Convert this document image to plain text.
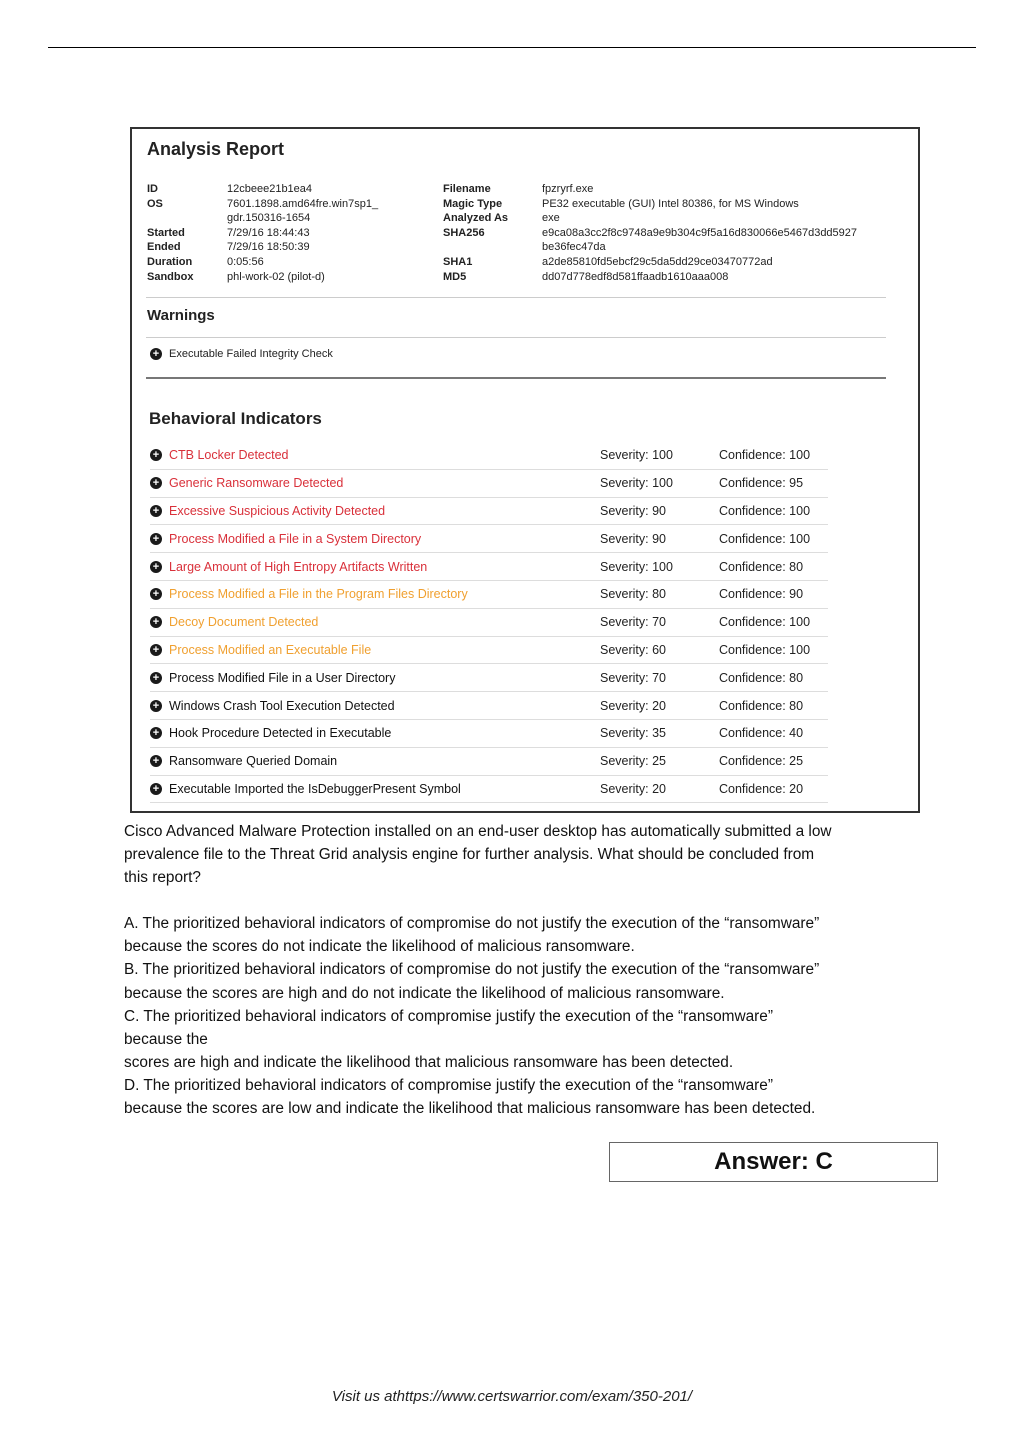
Analysis Report
ID	12cbeee21b1ea4
OS	7601.1898.amd64fre.win7sp1_
gdr.150316-1654
Started	7/29/16 18:44:43
Ended	7/29/16 18:50:39
Duration	0:05:56
Sandbox	phl-work-02 (pilot-d)
Filename	fpzryrf.exe
Magic Type	PE32 executable (GUI) Intel 80386, for MS Windows
Analyzed As	exe
SHA256	e9ca08a3cc2f8c9748a9e9b304c9f5a16d830066e5467d3dd5927
be36fec47da
SHA1	a2de85810fd5ebcf29c5da5dd29ce03470772ad
MD5	dd07d778edf8d581ffaadb1610aaa008
Warnings
+ Executable Failed Integrity Check
Behavioral Indicators
+ CTB Locker Detected	Severity: 100	Confidence: 100
+ Generic Ransomware Detected	Severity: 100	Confidence: 95
+ Excessive Suspicious Activity Detected	Severity: 90	Confidence: 100
+ Process Modified a File in a System Directory	Severity: 90	Confidence: 100
+ Large Amount of High Entropy Artifacts Written	Severity: 100	Confidence: 80
+ Process Modified a File in the Program Files Directory	Severity: 80	Confidence: 90
+ Decoy Document Detected	Severity: 70	Confidence: 100
+ Process Modified an Executable File	Severity: 60	Confidence: 100
+ Process Modified File in a User Directory	Severity: 70	Confidence: 80
+ Windows Crash Tool Execution Detected	Severity: 20	Confidence: 80
+ Hook Procedure Detected in Executable	Severity: 35	Confidence: 40
+ Ransomware Queried Domain	Severity: 25	Confidence: 25
+ Executable Imported the IsDebuggerPresent Symbol	Severity: 20	Confidence: 20

Cisco Advanced Malware Protection installed on an end-user desktop has automatically submitted a low

prevalence file to the Threat Grid analysis engine for further analysis. What should be concluded from

this report?

A. The prioritized behavioral indicators of compromise do not justify the execution of the “ransomware”

because the scores do not indicate the likelihood of malicious ransomware.

B. The prioritized behavioral indicators of compromise do not justify the execution of the “ransomware”

because the scores are high and do not indicate the likelihood of malicious ransomware.

C. The prioritized behavioral indicators of compromise justify the execution of the “ransomware”

because the

scores are high and indicate the likelihood that malicious ransomware has been detected.

D. The prioritized behavioral indicators of compromise justify the execution of the “ransomware”

because the scores are low and indicate the likelihood that malicious ransomware has been detected.

Answer: C
Visit us athttps://www.certswarrior.com/exam/350-201/
